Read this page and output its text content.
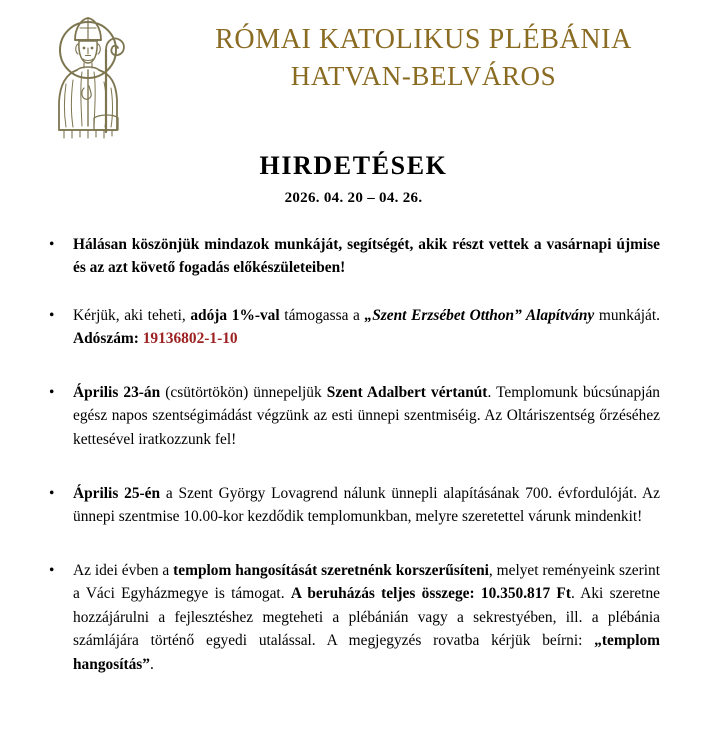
RÓMAI KATOLIKUS PLÉBÁNIA
HATVAN-BELVÁROS
HIRDETÉSEK
2026. 04. 20 – 04. 26.
• Hálásan köszönjük mindazok munkáját, segítségét, akik részt vettek a vasárnapi újmise és az azt követő fogadás előkészületeiben!
• Kérjük, aki teheti, adója 1%-val támogassa a „Szent Erzsébet Otthon” Alapítvány munkáját. Adószám: 19136802-1-10
• Április 23-án (csütörtökön) ünnepeljük Szent Adalbert vértanút. Templomunk búcsúnapján egész napos szentségimádást végzünk az esti ünnepi szentmiséig. Az Oltáriszentség őrzéséhez kettesével iratkozzunk fel!
• Április 25-én a Szent György Lovagrend nálunk ünnepli alapításának 700. évfordulóját. Az ünnepi szentmise 10.00-kor kezdődik templomunkban, melyre szeretettel várunk mindenkit!
• Az idei évben a templom hangosítását szeretnénk korszerűsíteni, melyet reményeink szerint a Váci Egyházmegye is támogat. A beruházás teljes összege: 10.350.817 Ft. Aki szeretne hozzájárulni a fejlesztéshez megteheti a plébánián vagy a sekrestyében, ill. a plébánia számlájára történő egyedi utalással. A megjegyzés rovatba kérjük beírni: „templom hangosítás”.
